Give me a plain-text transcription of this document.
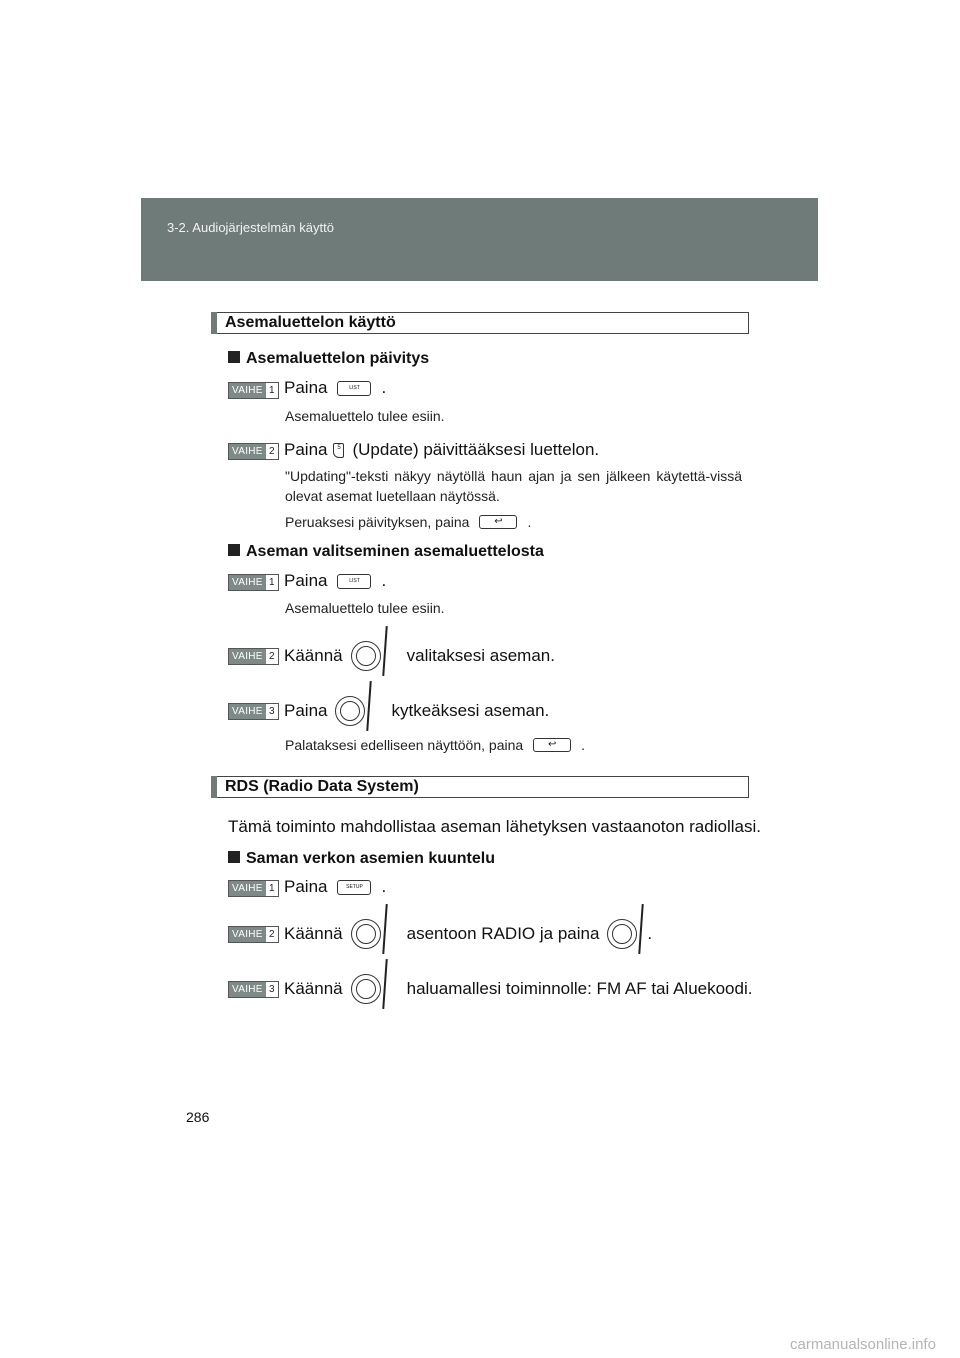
3-2. Audiojärjestelmän käyttö
Asemaluettelon käyttö
Asemaluettelon päivitys
VAIHE 1 Paina	LIST	.
Asemaluettelo tulee esiin.
VAIHE 2 Paina	5 (Update) päivittääksesi luettelon.
"Updating"-teksti näkyy näytöllä haun ajan ja sen jälkeen käytettä-vissä olevat asemat luetellaan näytössä.
Peruaksesi päivityksen, paina	↩	.
Aseman valitseminen asemaluettelosta
VAIHE 1 Paina	LIST	.
Asemaluettelo tulee esiin.
VAIHE 2 Käännä	valitaksesi aseman.
VAIHE 3 Paina	kytkeäksesi aseman.
Palataksesi edelliseen näyttöön, paina	↩	.
RDS (Radio Data System)
Tämä toiminto mahdollistaa aseman lähetyksen vastaanoton radiollasi.
Saman verkon asemien kuuntelu
VAIHE 1 Paina	SETUP	.
VAIHE 2 Käännä	asentoon RADIO ja paina	.
VAIHE 3 Käännä	haluamallesi toiminnolle: FM AF tai Aluekoodi.
286
carmanualsonline.info
